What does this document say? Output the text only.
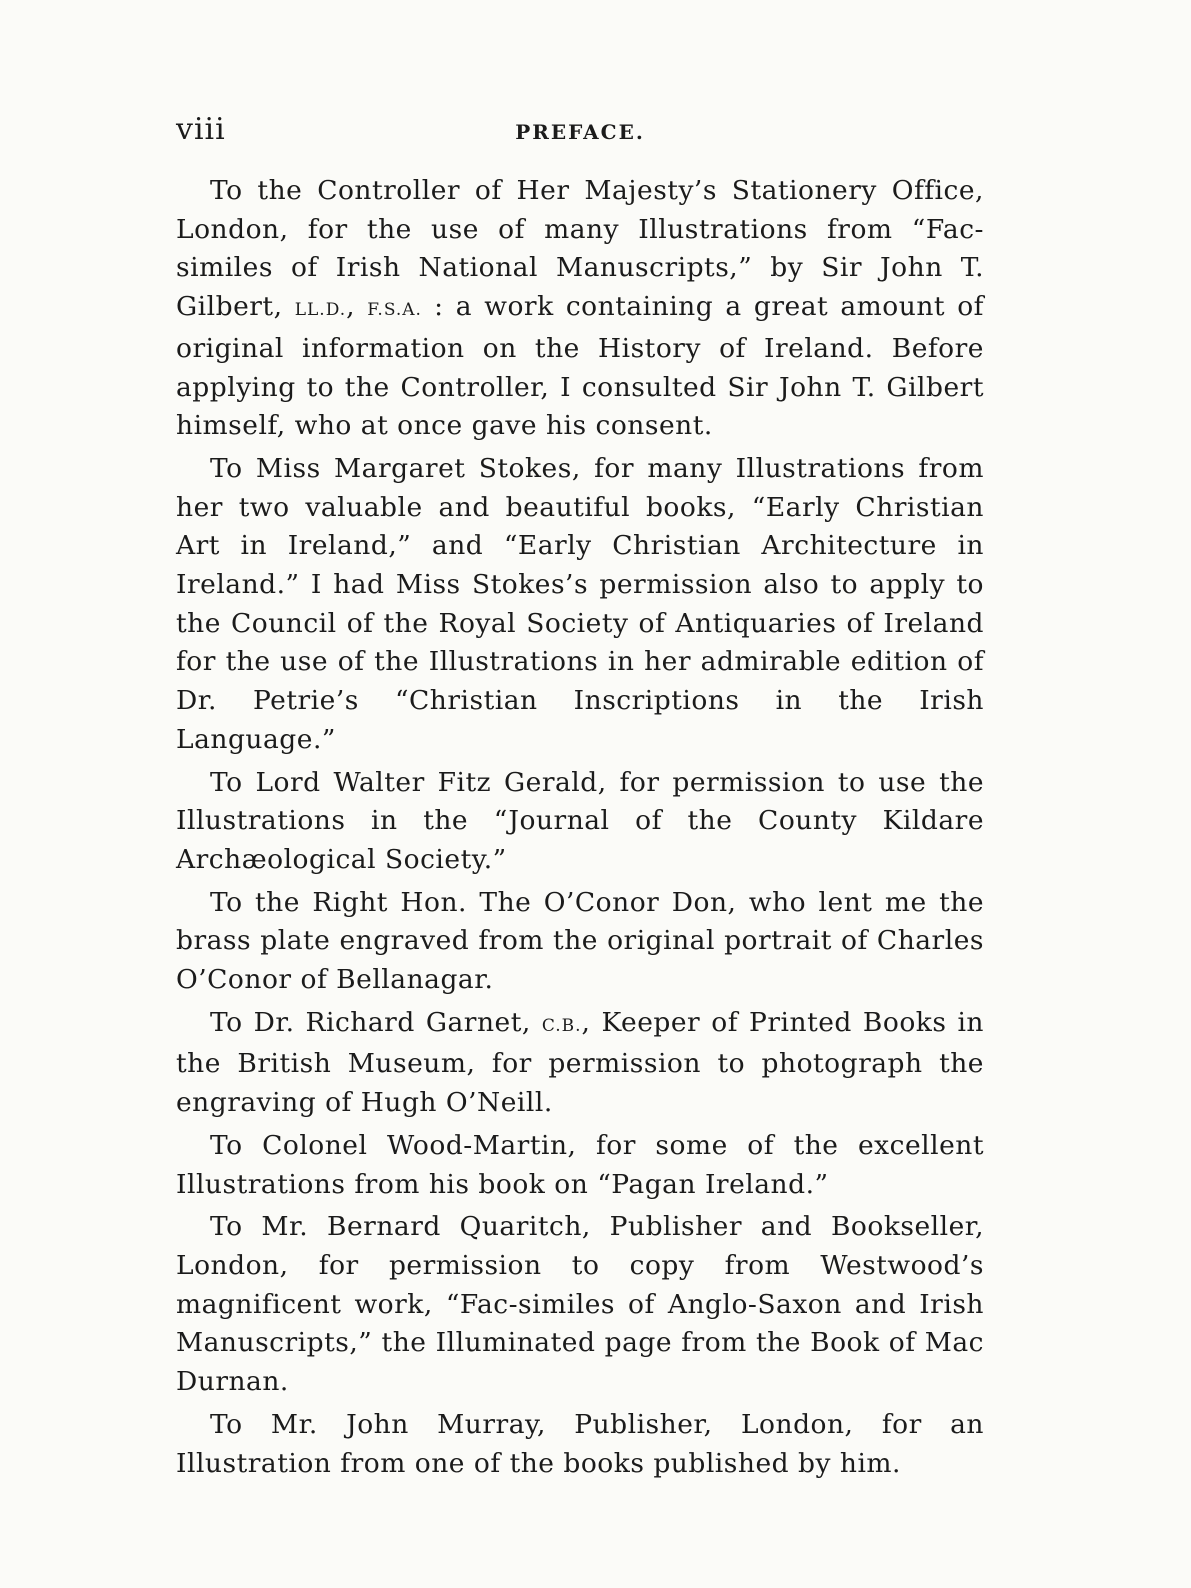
viii	PREFACE.

To the Controller of Her Majesty’s Stationery Office, London, for the use of many Illustrations from “Fac-similes of Irish National Manuscripts,” by Sir John T. Gilbert, LL.D., F.S.A. : a work containing a great amount of original information on the History of Ireland. Before applying to the Controller, I consulted Sir John T. Gilbert himself, who at once gave his consent.

To Miss Margaret Stokes, for many Illustrations from her two valuable and beautiful books, “Early Christian Art in Ireland,” and “Early Christian Architecture in Ireland.” I had Miss Stokes’s permission also to apply to the Council of the Royal Society of Antiquaries of Ireland for the use of the Illustrations in her admirable edition of Dr. Petrie’s “Christian Inscriptions in the Irish Language.”

To Lord Walter Fitz Gerald, for permission to use the Illustrations in the “Journal of the County Kildare Archæological Society.”

To the Right Hon. The O’Conor Don, who lent me the brass plate engraved from the original portrait of Charles O’Conor of Bellanagar.

To Dr. Richard Garnet, C.B., Keeper of Printed Books in the British Museum, for permission to photograph the engraving of Hugh O’Neill.

To Colonel Wood-Martin, for some of the excellent Illustrations from his book on “Pagan Ireland.”

To Mr. Bernard Quaritch, Publisher and Bookseller, London, for permission to copy from Westwood’s magnificent work, “Fac-similes of Anglo-Saxon and Irish Manuscripts,” the Illuminated page from the Book of Mac Durnan.

To Mr. John Murray, Publisher, London, for an Illustration from one of the books published by him.
